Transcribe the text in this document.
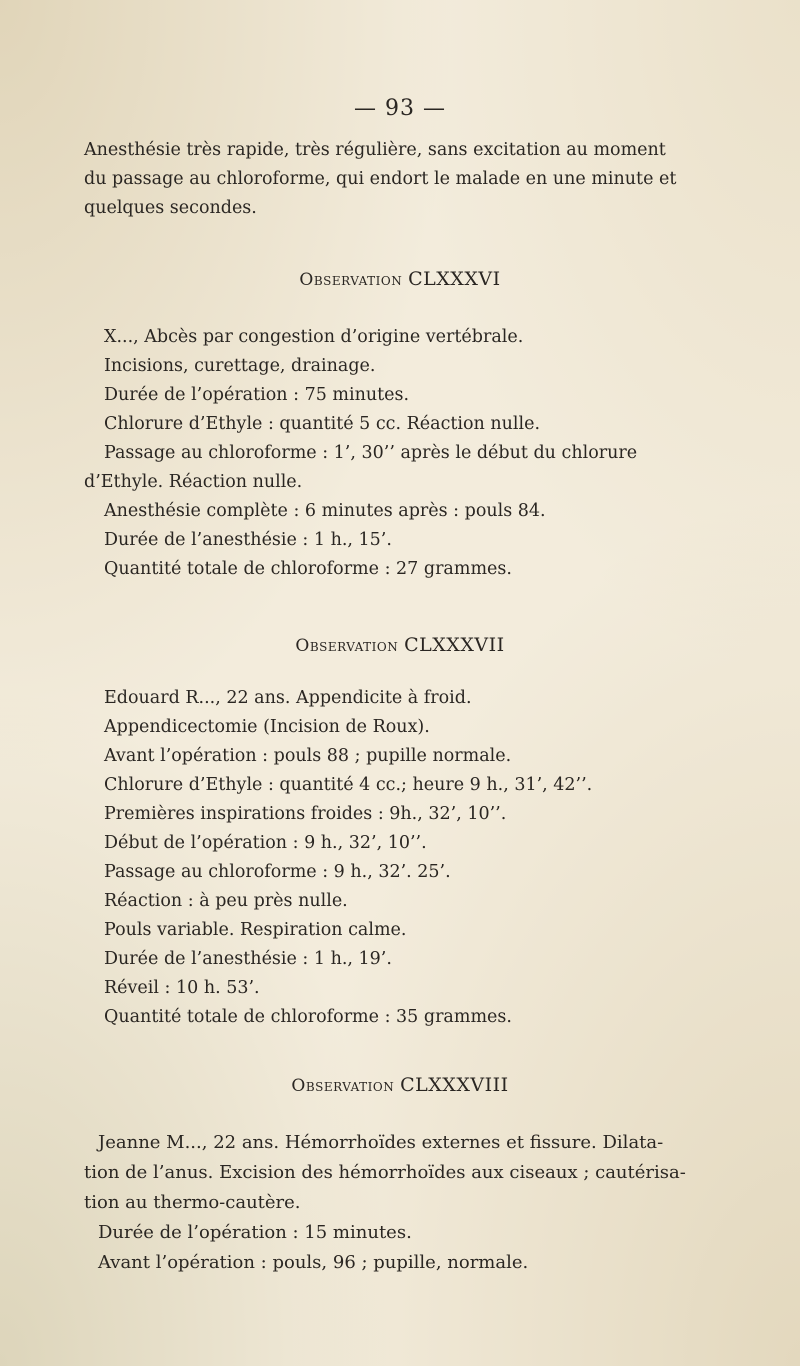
— 93 —
Anesthésie très rapide, très régulière, sans excitation au moment
du passage au chloroforme, qui endort le malade en une minute et
quelques secondes.
Observation CLXXXVI
X..., Abcès par congestion d’origine vertébrale.
Incisions, curettage, drainage.
Durée de l’opération : 75 minutes.
Chlorure d’Ethyle : quantité 5 cc. Réaction nulle.
Passage au chloroforme : 1’, 30’’ après le début du chlorure
d’Ethyle. Réaction nulle.
Anesthésie complète : 6 minutes après : pouls 84.
Durée de l’anesthésie : 1 h., 15’.
Quantité totale de chloroforme : 27 grammes.
Observation CLXXXVII
Edouard R..., 22 ans. Appendicite à froid.
Appendicectomie (Incision de Roux).
Avant l’opération : pouls 88 ; pupille normale.
Chlorure d’Ethyle : quantité 4 cc.; heure 9 h., 31’, 42’’.
Premières inspirations froides : 9h., 32’, 10’’.
Début de l’opération : 9 h., 32’, 10’’.
Passage au chloroforme : 9 h., 32’. 25’.
Réaction : à peu près nulle.
Pouls variable. Respiration calme.
Durée de l’anesthésie : 1 h., 19’.
Réveil : 10 h. 53’.
Quantité totale de chloroforme : 35 grammes.
Observation CLXXXVIII
Jeanne M..., 22 ans. Hémorrhoïdes externes et fissure. Dilata-
tion de l’anus. Excision des hémorrhoïdes aux ciseaux ; cautérisa-
tion au thermo-cautère.
Durée de l’opération : 15 minutes.
Avant l’opération : pouls, 96 ; pupille, normale.
